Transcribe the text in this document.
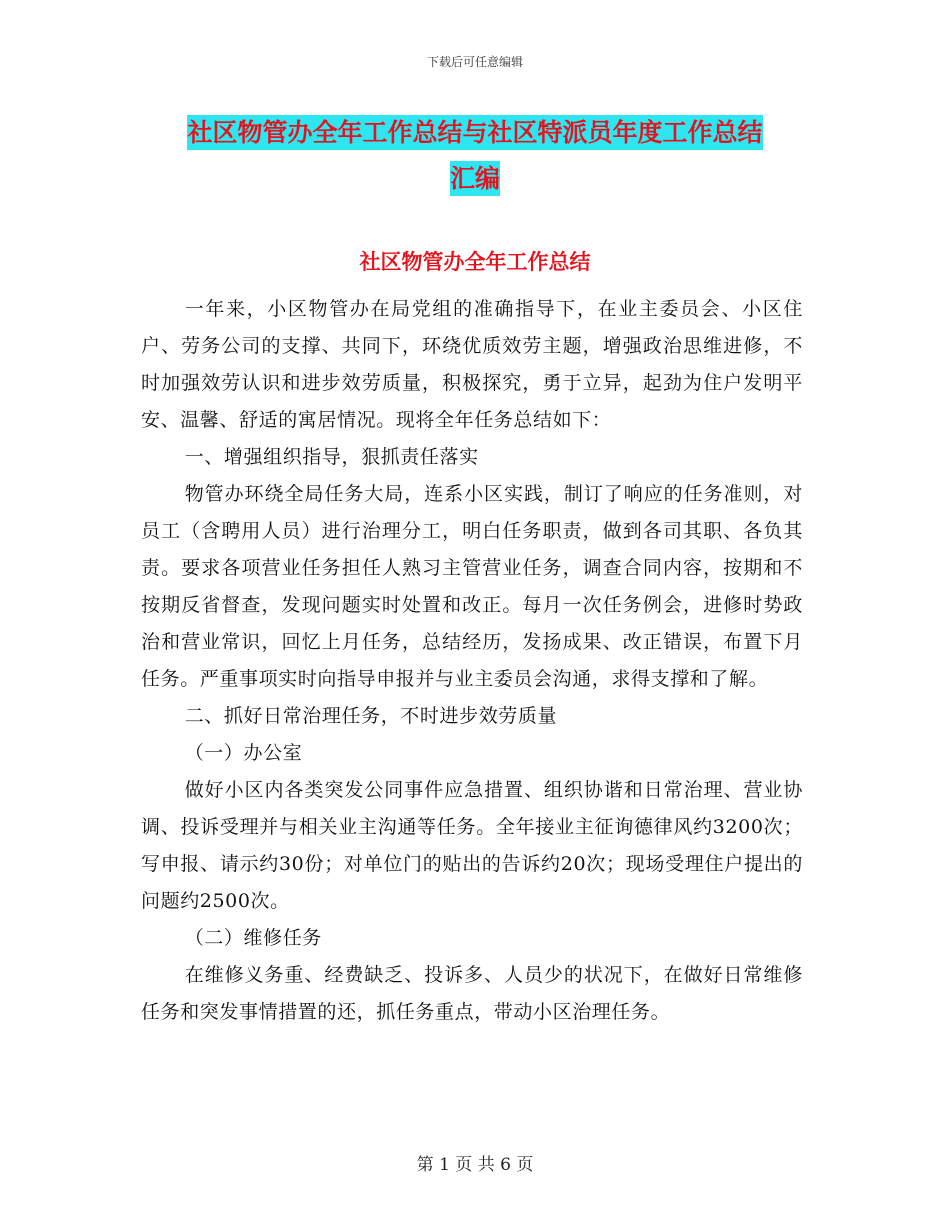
下载后可任意编辑
社区物管办全年工作总结与社区特派员年度工作总结
汇编
社区物管办全年工作总结

一年来，小区物管办在局党组的准确指导下，在业主委员会、小区住户、劳务公司的支撑、共同下，环绕优质效劳主题，增强政治思维进修，不时加强效劳认识和进步效劳质量，积极探究，勇于立异，起劲为住户发明平安、温馨、舒适的寓居情况。现将全年任务总结如下：

一、增强组织指导，狠抓责任落实

物管办环绕全局任务大局，连系小区实践，制订了响应的任务准则，对员工（含聘用人员）进行治理分工，明白任务职责，做到各司其职、各负其责。要求各项营业任务担任人熟习主管营业任务，调查合同内容，按期和不按期反省督查，发现问题实时处置和改正。每月一次任务例会，进修时势政治和营业常识，回忆上月任务，总结经历，发扬成果、改正错误，布置下月任务。严重事项实时向指导申报并与业主委员会沟通，求得支撑和了解。

二、抓好日常治理任务，不时进步效劳质量

（一）办公室

做好小区内各类突发公同事件应急措置、组织协谐和日常治理、营业协调、投诉受理并与相关业主沟通等任务。全年接业主征询德律风约3200次；写申报、请示约30份；对单位门的贴出的告诉约20次；现场受理住户提出的问题约2500次。

（二）维修任务

在维修义务重、经费缺乏、投诉多、人员少的状况下，在做好日常维修任务和突发事情措置的还，抓任务重点，带动小区治理任务。

第 1 页 共 6 页
